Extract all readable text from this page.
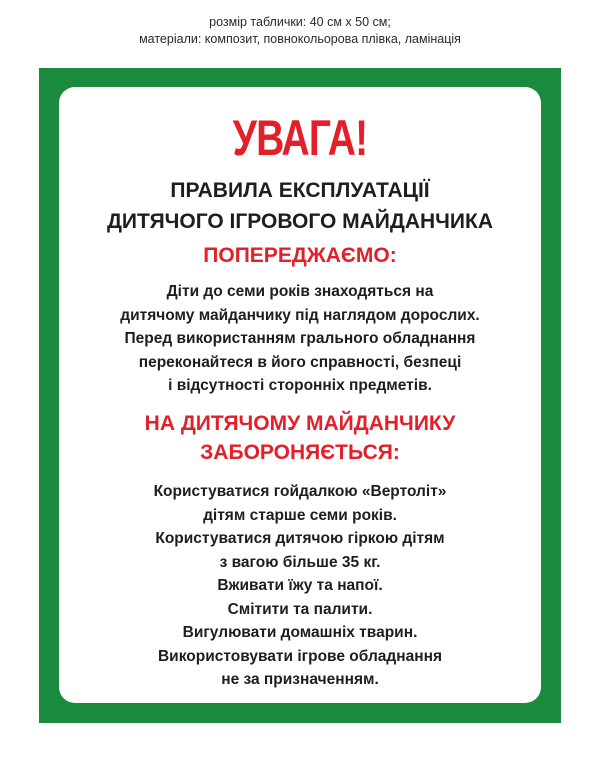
розмір таблички: 40 см х 50 см;
матеріали: композит, повнокольорова плівка, ламінація
УВАГА!
ПРАВИЛА ЕКСПЛУАТАЦІЇ
ДИТЯЧОГО ІГРОВОГО МАЙДАНЧИКА
ПОПЕРЕДЖАЄМО:
Діти до семи років знаходяться на
дитячому майданчику під наглядом дорослих.
Перед використанням грального обладнання
переконайтеся в його справності, безпеці
і відсутності сторонніх предметів.
НА ДИТЯЧОМУ МАЙДАНЧИКУ
ЗАБОРОНЯЄТЬСЯ:
Користуватися гойдалкою «Вертоліт»
дітям старше семи років.
Користуватися дитячою гіркою дітям
з вагою більше 35 кг.
Вживати їжу та напої.
Смітити та палити.
Вигулювати домашніх тварин.
Використовувати ігрове обладнання
не за призначенням.
